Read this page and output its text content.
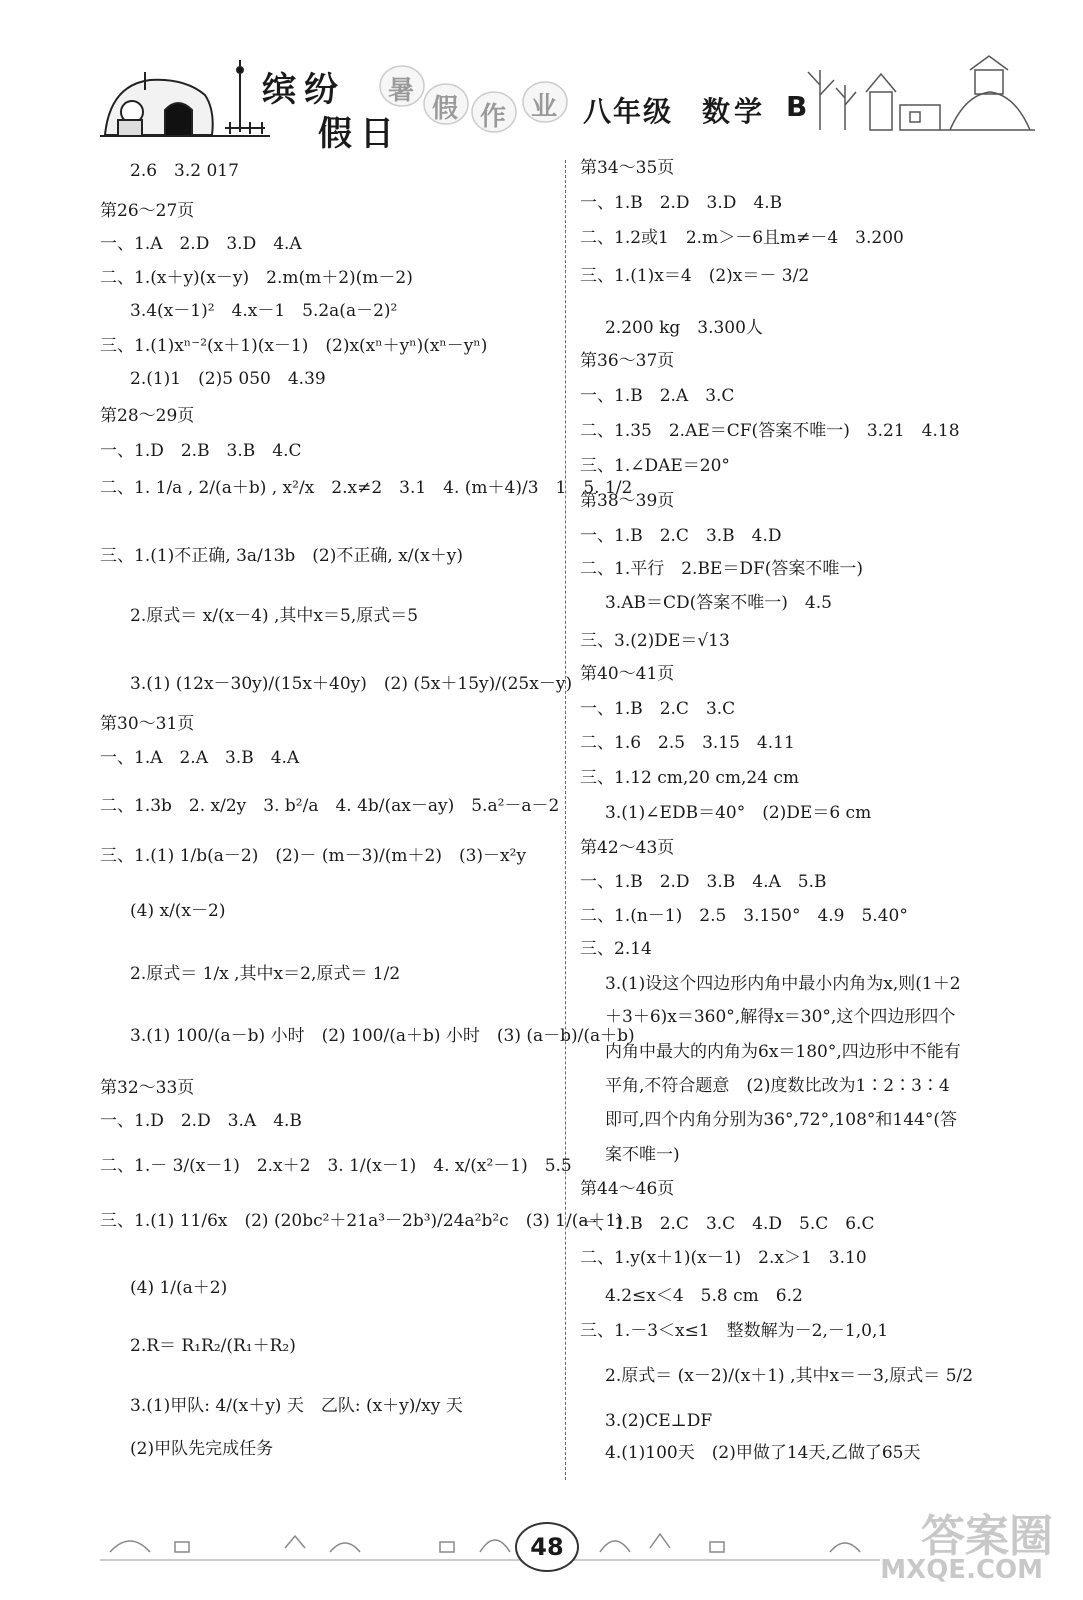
缤纷
假日
暑
假 作 业 八年级 数学 B
2.6　3.2 017
第26～27页
一、1.A　2.D　3.D　4.A
二、1.(x＋y)(x－y)　2.m(m＋2)(m－2)
3.4(x－1)²　4.x－1　5.2a(a－2)²
三、1.(1)xⁿ⁻²(x＋1)(x－1)　(2)x(xⁿ＋yⁿ)(xⁿ－yⁿ)
2.(1)1　(2)5 050　4.39
第28～29页
一、1.D　2.B　3.B　4.C
二、1. 1/a , 2/(a＋b) , x²/x　2.x≠2　3.1　4. (m＋4)/3　1　5. 1/2
三、1.(1)不正确, 3a/13b　(2)不正确, x/(x＋y)
2.原式＝ x/(x－4) ,其中x＝5,原式＝5
3.(1) (12x－30y)/(15x＋40y)　(2) (5x＋15y)/(25x－y)
第30～31页
一、1.A　2.A　3.B　4.A
二、1.3b　2. x/2y　3. b²/a　4. 4b/(ax－ay)　5.a²－a－2
三、1.(1) 1/b(a－2)　(2)－ (m－3)/(m＋2)　(3)－x²y
(4) x/(x－2)
2.原式＝ 1/x ,其中x＝2,原式＝ 1/2
3.(1) 100/(a－b) 小时　(2) 100/(a＋b) 小时　(3) (a－b)/(a＋b)
第32～33页
一、1.D　2.D　3.A　4.B
二、1.－ 3/(x－1)　2.x＋2　3. 1/(x－1)　4. x/(x²－1)　5.5
三、1.(1) 11/6x　(2) (20bc²＋21a³－2b³)/24a²b²c　(3) 1/(a＋1)
(4) 1/(a＋2)
2.R＝ R₁R₂/(R₁＋R₂)
3.(1)甲队: 4/(x＋y) 天　乙队: (x＋y)/xy 天
(2)甲队先完成任务
第34～35页
一、1.B　2.D　3.D　4.B
二、1.2或1　2.m＞－6且m≠－4　3.200
三、1.(1)x＝4　(2)x＝－ 3/2
2.200 kg　3.300人
第36～37页
一、1.B　2.A　3.C
二、1.35　2.AE＝CF(答案不唯一)　3.21　4.18
三、1.∠DAE＝20°
第38～39页
一、1.B　2.C　3.B　4.D
二、1.平行　2.BE＝DF(答案不唯一)
3.AB＝CD(答案不唯一)　4.5
三、3.(2)DE＝√13
第40～41页
一、1.B　2.C　3.C
二、1.6　2.5　3.15　4.11
三、1.12 cm,20 cm,24 cm
3.(1)∠EDB＝40°　(2)DE＝6 cm
第42～43页
一、1.B　2.D　3.B　4.A　5.B
二、1.(n－1)　2.5　3.150°　4.9　5.40°
三、2.14
3.(1)设这个四边形内角中最小内角为x,则(1＋2
＋3＋6)x＝360°,解得x＝30°,这个四边形四个
内角中最大的内角为6x＝180°,四边形中不能有
平角,不符合题意　(2)度数比改为1∶2∶3∶4
即可,四个内角分别为36°,72°,108°和144°(答
案不唯一)
第44～46页
一、1.B　2.C　3.C　4.D　5.C　6.C
二、1.y(x＋1)(x－1)　2.x＞1　3.10
4.2≤x＜4　5.8 cm　6.2
三、1.－3＜x≤1　整数解为－2,－1,0,1
2.原式＝ (x－2)/(x＋1) ,其中x＝－3,原式＝ 5/2
3.(2)CE⊥DF
4.(1)100天　(2)甲做了14天,乙做了65天
48	答案圈
MXQE.COM
